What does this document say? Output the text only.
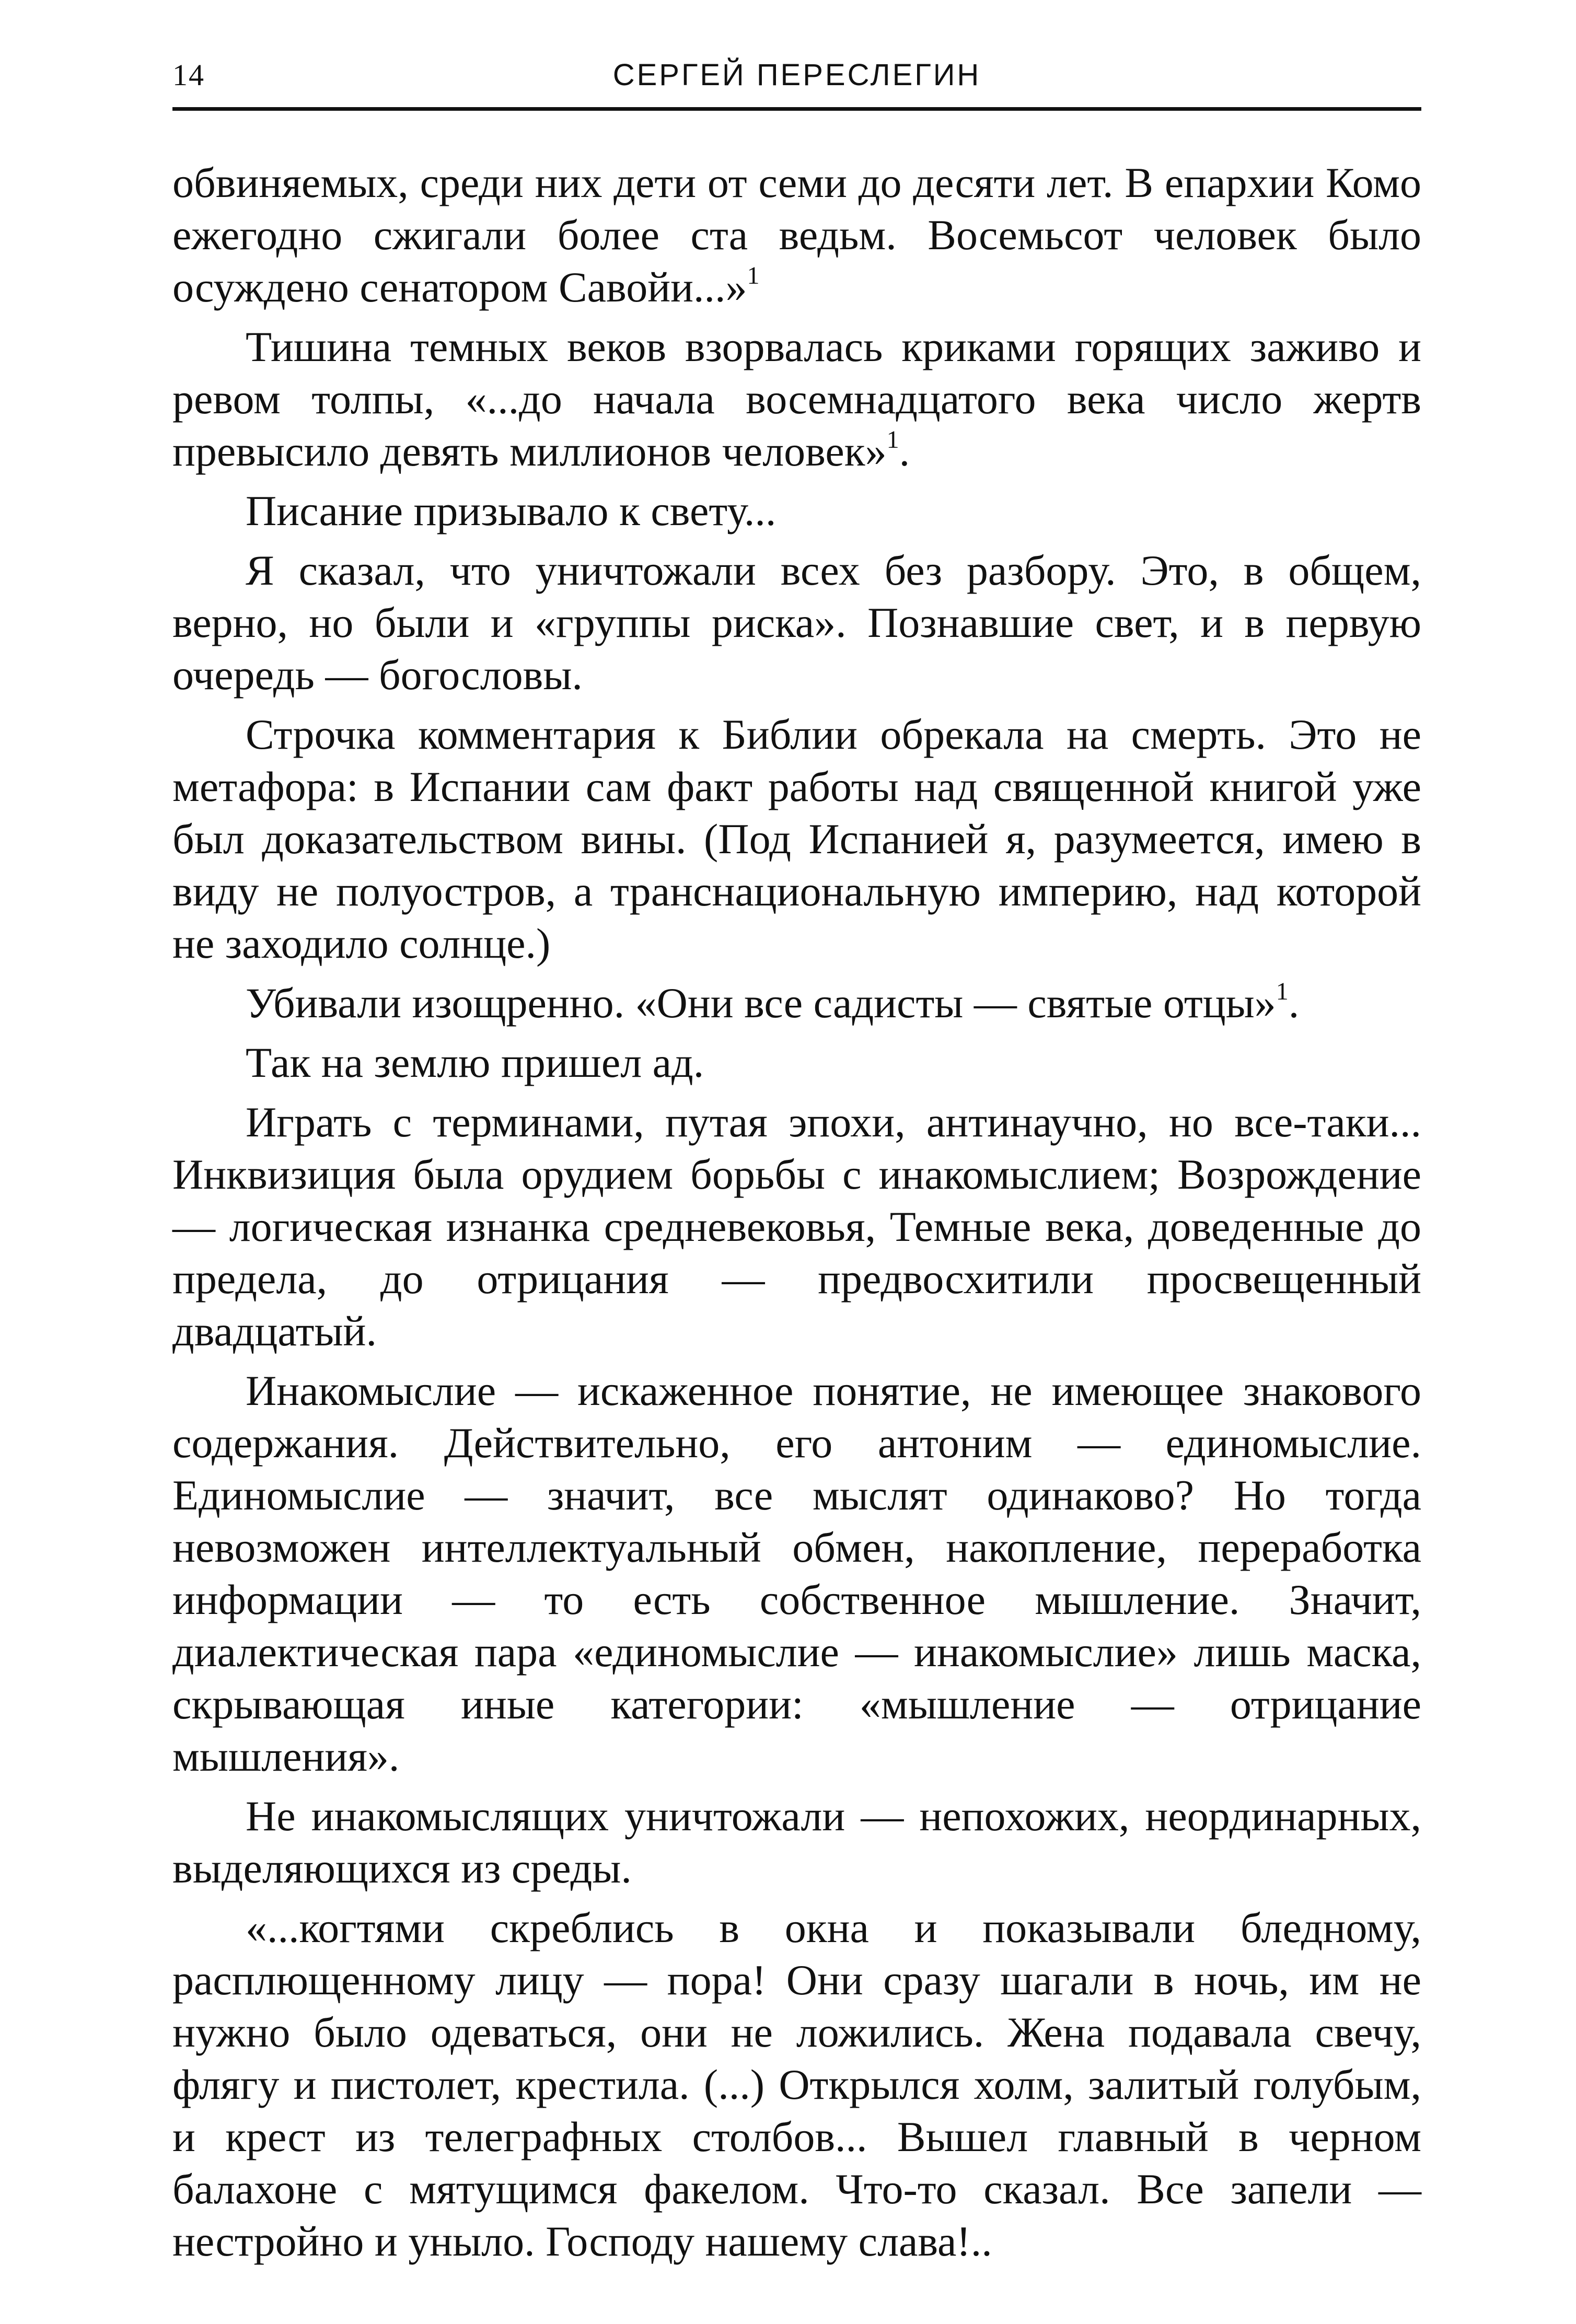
14	СЕРГЕЙ ПЕРЕСЛЕГИН

обвиняемых, среди них дети от семи до десяти лет. В епархии Комо ежегодно сжигали более ста ведьм. Восемьсот человек было осуждено сенатором Савойи...»$^1$

Тишина темных веков взорвалась криками горящих заживо и ревом толпы, «...до начала восемнадцатого века число жертв превысило девять миллионов человек»$^1$.

Писание призывало к свету...

Я сказал, что уничтожали всех без разбору. Это, в общем, верно, но были и «группы риска». Познавшие свет, и в первую очередь — богословы.

Строчка комментария к Библии обрекала на смерть. Это не метафора: в Испании сам факт работы над священной книгой уже был доказательством вины. (Под Испанией я, разумеется, имею в виду не полуостров, а транснациональную империю, над которой не заходило солнце.)

Убивали изощренно. «Они все садисты — святые отцы»$^1$.

Так на землю пришел ад.

Играть с терминами, путая эпохи, антинаучно, но все-таки... Инквизиция была орудием борьбы с инакомыслием; Возрождение — логическая изнанка средневековья, Темные века, доведенные до предела, до отрицания — предвосхитили просвещенный двадцатый.

Инакомыслие — искаженное понятие, не имеющее знакового содержания. Действительно, его антоним — единомыслие. Единомыслие — значит, все мыслят одинаково? Но тогда невозможен интеллектуальный обмен, накопление, переработка информации — то есть собственное мышление. Значит, диалектическая пара «единомыслие — инакомыслие» лишь маска, скрывающая иные категории: «мышление — отрицание мышления».

Не инакомыслящих уничтожали — непохожих, неординарных, выделяющихся из среды.

«...когтями скреблись в окна и показывали бледному, расплющенному лицу — пора! Они сразу шагали в ночь, им не нужно было одеваться, они не ложились. Жена подавала свечу, флягу и пистолет, крестила. (...) Открылся холм, залитый голубым, и крест из телеграфных столбов... Вышел главный в черном балахоне с мятущимся факелом. Что-то сказал. Все запели — нестройно и уныло. Господу нашему слава!..
